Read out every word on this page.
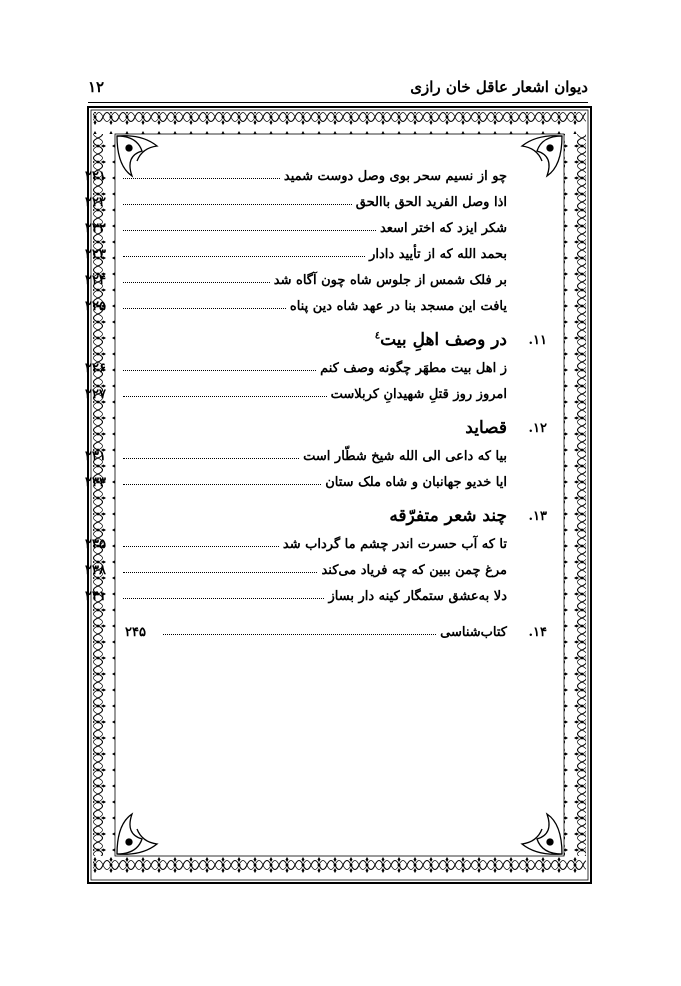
دیوان اشعار عاقل خان رازی
۱۲
چو از نسیم سحر بوی وصل دوست شمید
۲۲۱
اذا وصل الفرید الحق باالحق
۲۲۲
شکر ایزد که اختر اسعد
۲۲۲
بحمد الله که از تأیید دادار
۲۲۳
بر فلک شمس از جلوس شاه چون آگاه شد
۲۲۴
یافت این مسجد بنا در عهد شاه دین پناه
۲۲۵
۱۱.
در وصف اهلِ بیت$^٤$
ز اهل بیت مطهَر چگونه وصف کنم
۲۲۶
امروز روز قتلِ شهیدانِ کربلاست
۲۲۷
۱۲.
قصاید
بیا که داعی الی الله شیخ شطّار است
۲۳۱
ایا خدیو جهانبان و شاه ملک ستان
۲۳۳
۱۳.
چند شعر متفرّقه
تا که آب حسرت اندر چشم ما گرداب شد
۲۳۵
مرغ چمن ببین که چه فریاد می‌کند
۲۳۸
دلا به‌عشق ستمگار کینه دار بساز
۲۴۱
۱۴.
کتاب‌شناسی
۲۴۵
